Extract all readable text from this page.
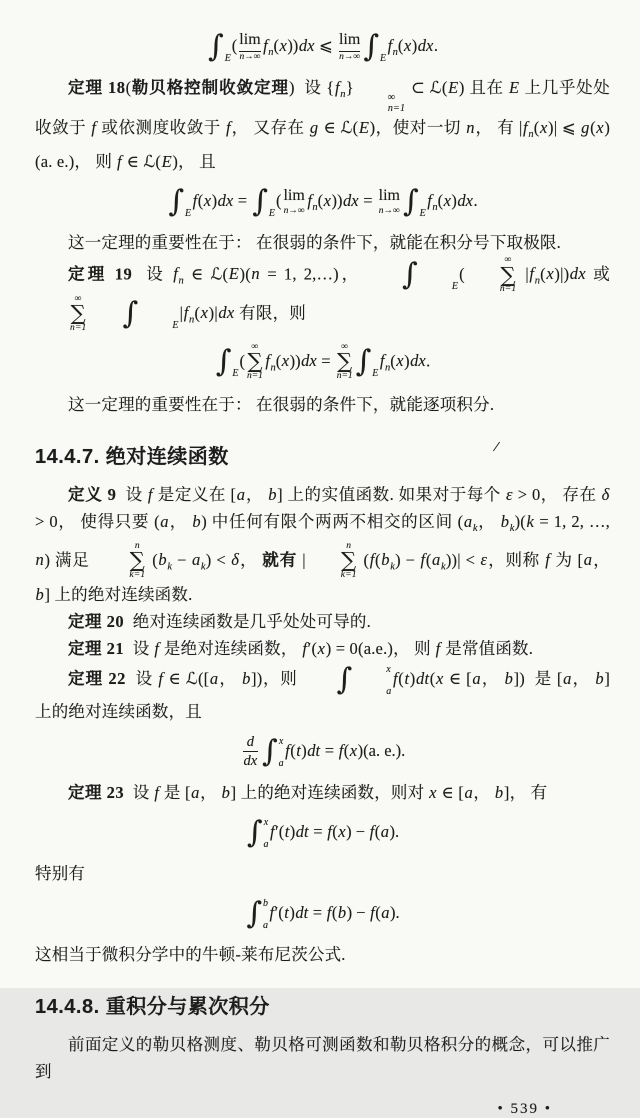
∫ E
( lim
n→∞
$f_n(x))dx$ ⩽ lim
n→∞ ∫ E
$f_n(x)dx$.
定理 18(勒贝格控制收敛定理)  设 $\{f_n\}$
∞
n=1
⊂ ℒ(E) 且在 E 上几乎处处收敛于 f 或依测度收敛于 f， 又存在 g ∈ ℒ(E)，使对一切 n， 有 $|f_n(x)|$ ⩽ g(x)(a. e.)， 则 f ∈ ℒ(E)， 且
∫ E
f(x)dx = ∫ E
( lim
n→∞
$f_n(x))dx = \lim$
n→∞ ∫ E
$f_n(x)dx$.
这一定理的重要性在于： 在很弱的条件下，就能在积分号下取极限.
定理 19  设 $f_n$ ∈ ℒ(E)(n = 1, 2,…)，	∫	E
(
∞
∑
n=1
$|f_n(x)|)dx$ 或
∞
∑
n=1	∫	E
$|f_n(x)|dx$ 有限，则
∫ E
(
∞
∑
n=1
$f_n(x))dx$ =
∞
∑
n=1 ∫ E
$f_n(x)dx$.
这一定理的重要性在于： 在很弱的条件下，就能逐项积分.
14.4.7. 绝对连续函数
定义 9  设 f 是定义在 [a， b] 上的实值函数. 如果对于每个 ε > 0， 存在 δ > 0， 使得只要 (a， b) 中任何有限个两两不相交的区间 ($a_k$， $b_k)(k = 1$, 2, …, n) 满足
n
∑
k=1
$(b_k - a_k) < \delta$， 就有 |
n
∑
k=1
$(f(b_k) - f(a_k))| < \varepsilon$，则称 f 为 [a， b] 上的绝对连续函数.
定理 20  绝对连续函数是几乎处处可导的.
定理 21  设 f 是绝对连续函数， f′(x) = 0(a.e.)， 则 f 是常值函数.
定理 22  设 f ∈ ℒ([a， b])，则	∫	x
a
f(t)dt(x ∈ [a， b])  是 [a， b] 上的绝对连续函数，且
$\frac{d}{dx}$ ∫ x
a
f(t)dt = f(x)(a. e.).
定理 23  设 f 是 [a， b] 上的绝对连续函数，则对 x ∈ [a， b]， 有
∫ x
a
f′(t)dt = f(x) − f(a).
特别有
∫ b
a
f′(t)dt = f(b) − f(a).
这相当于微积分学中的牛顿-莱布尼茨公式.
14.4.8. 重积分与累次积分
前面定义的勒贝格测度、勒贝格可测函数和勒贝格积分的概念，可以推广到
• 539 •
